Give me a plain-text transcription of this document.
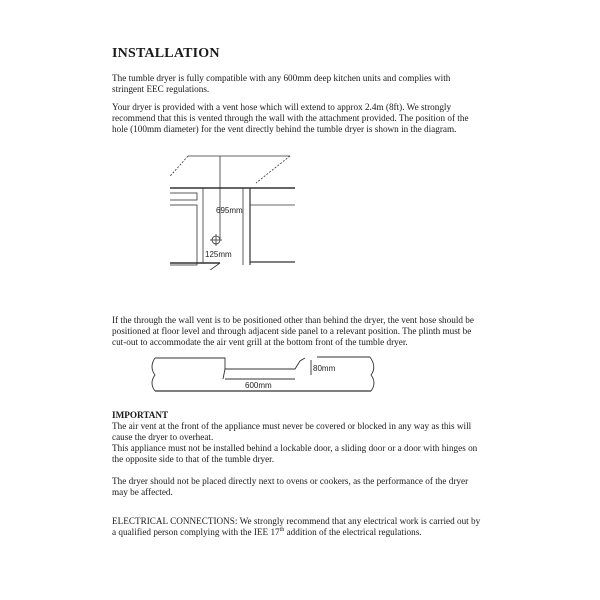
INSTALLATION

The tumble dryer is fully compatible with any 600mm deep kitchen units and complies with stringent EEC regulations.

Your dryer is provided with a vent hose which will extend to approx 2.4m (8ft). We strongly recommend that this is vented through the wall with the attachment provided. The position of the hole (100mm diameter) for the vent directly behind the tumble dryer is shown in the diagram.

695mm
125mm

If the through the wall vent is to be positioned other than behind the dryer, the vent hose should be positioned at floor level and through adjacent side panel to a relevant position. The plinth must be cut-out to accommodate the air vent grill at the bottom front of the tumble dryer.

600mm
80mm

IMPORTANT

The air vent at the front of the appliance must never be covered or blocked in any way as this will cause the dryer to overheat.

This appliance must not be installed behind a lockable door, a sliding door or a door with hinges on the opposite side to that of the tumble dryer.

The dryer should not be placed directly next to ovens or cookers, as the performance of the dryer may be affected.

ELECTRICAL CONNECTIONS: We strongly recommend that any electrical work is carried out by a qualified person complying with the IEE 17th addition of the electrical regulations.
